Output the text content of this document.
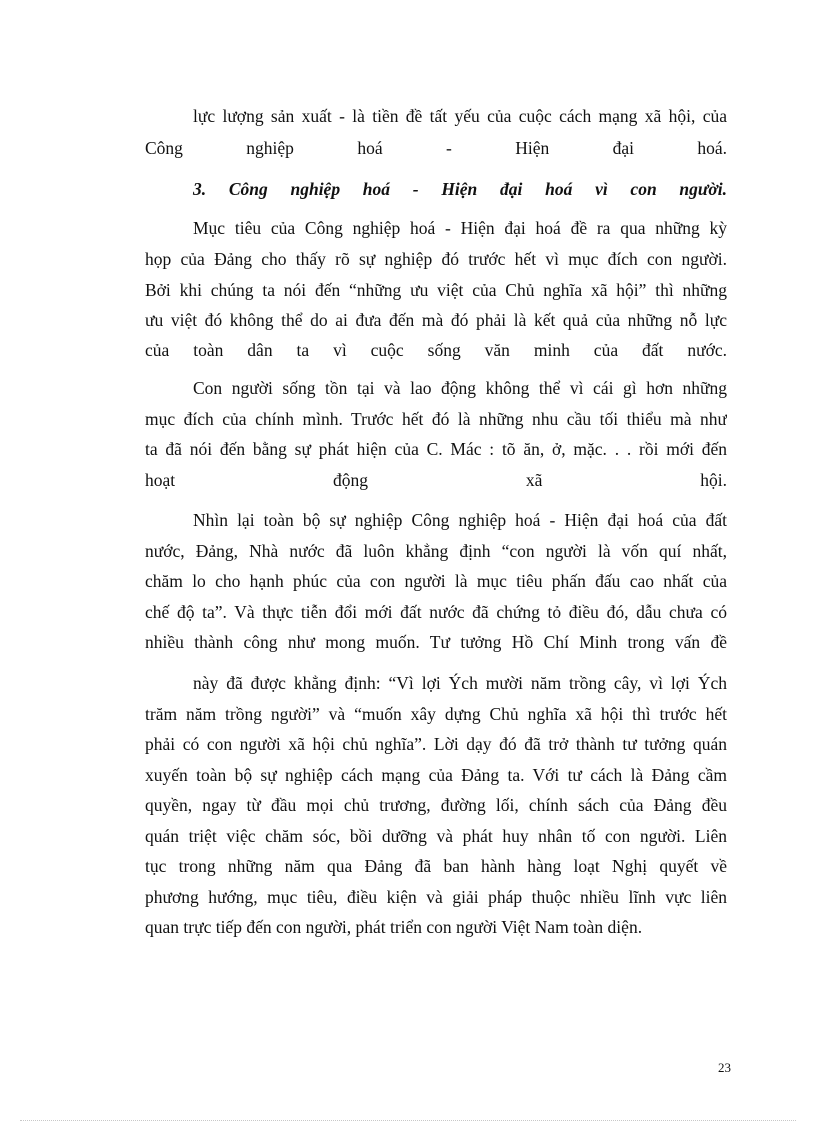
lực lượng sản xuất - là tiền đề tất yếu của cuộc cách mạng xã hội, của
Công nghiệp hoá - Hiện đại hoá.
3. Công nghiệp hoá - Hiện đại hoá vì con người.
Mục tiêu của Công nghiệp hoá - Hiện đại hoá đề ra qua những kỳ
họp của Đảng cho thấy rõ sự nghiệp đó trước hết vì mục đích con người.
Bởi khi chúng ta nói đến “những ưu việt của Chủ nghĩa xã hội” thì những
ưu việt đó không thể do ai đưa đến mà đó phải là kết quả của những nỗ lực
của toàn dân ta vì cuộc sống văn minh của đất nước.
Con người sống tồn tại và lao động không thể vì cái gì hơn những
mục đích của chính mình. Trước hết đó là những nhu cầu tối thiểu mà như
ta đã nói đến bằng sự phát hiện của C. Mác : tõ ăn, ở, mặc. . . rồi mới đến
hoạt động xã hội.
Nhìn lại toàn bộ sự nghiệp Công nghiệp hoá - Hiện đại hoá của đất
nước, Đảng, Nhà nước đã luôn khẳng định “con người là vốn quí nhất,
chăm lo cho hạnh phúc của con người là mục tiêu phấn đấu cao nhất của
chế độ ta”. Và thực tiễn đổi mới đất nước đã chứng tỏ điều đó, dẫu chưa có
nhiều thành công như mong muốn. Tư tưởng Hồ Chí Minh trong vấn đề
này đã được khẳng định: “Vì lợi Ých mười năm trồng cây, vì lợi Ých
trăm năm trồng người” và “muốn xây dựng Chủ nghĩa xã hội thì trước hết
phải có con người xã hội chủ nghĩa”. Lời dạy đó đã trở thành tư tưởng quán
xuyến toàn bộ sự nghiệp cách mạng của Đảng ta. Với tư cách là Đảng cầm
quyền, ngay từ đầu mọi chủ trương, đường lối, chính sách của Đảng đều
quán triệt việc chăm sóc, bồi dưỡng và phát huy nhân tố con người. Liên
tục trong những năm qua Đảng đã ban hành hàng loạt Nghị quyết về
phương hướng, mục tiêu, điều kiện và giải pháp thuộc nhiều lĩnh vực liên
quan trực tiếp đến con người, phát triển con người Việt Nam toàn diện.
23
